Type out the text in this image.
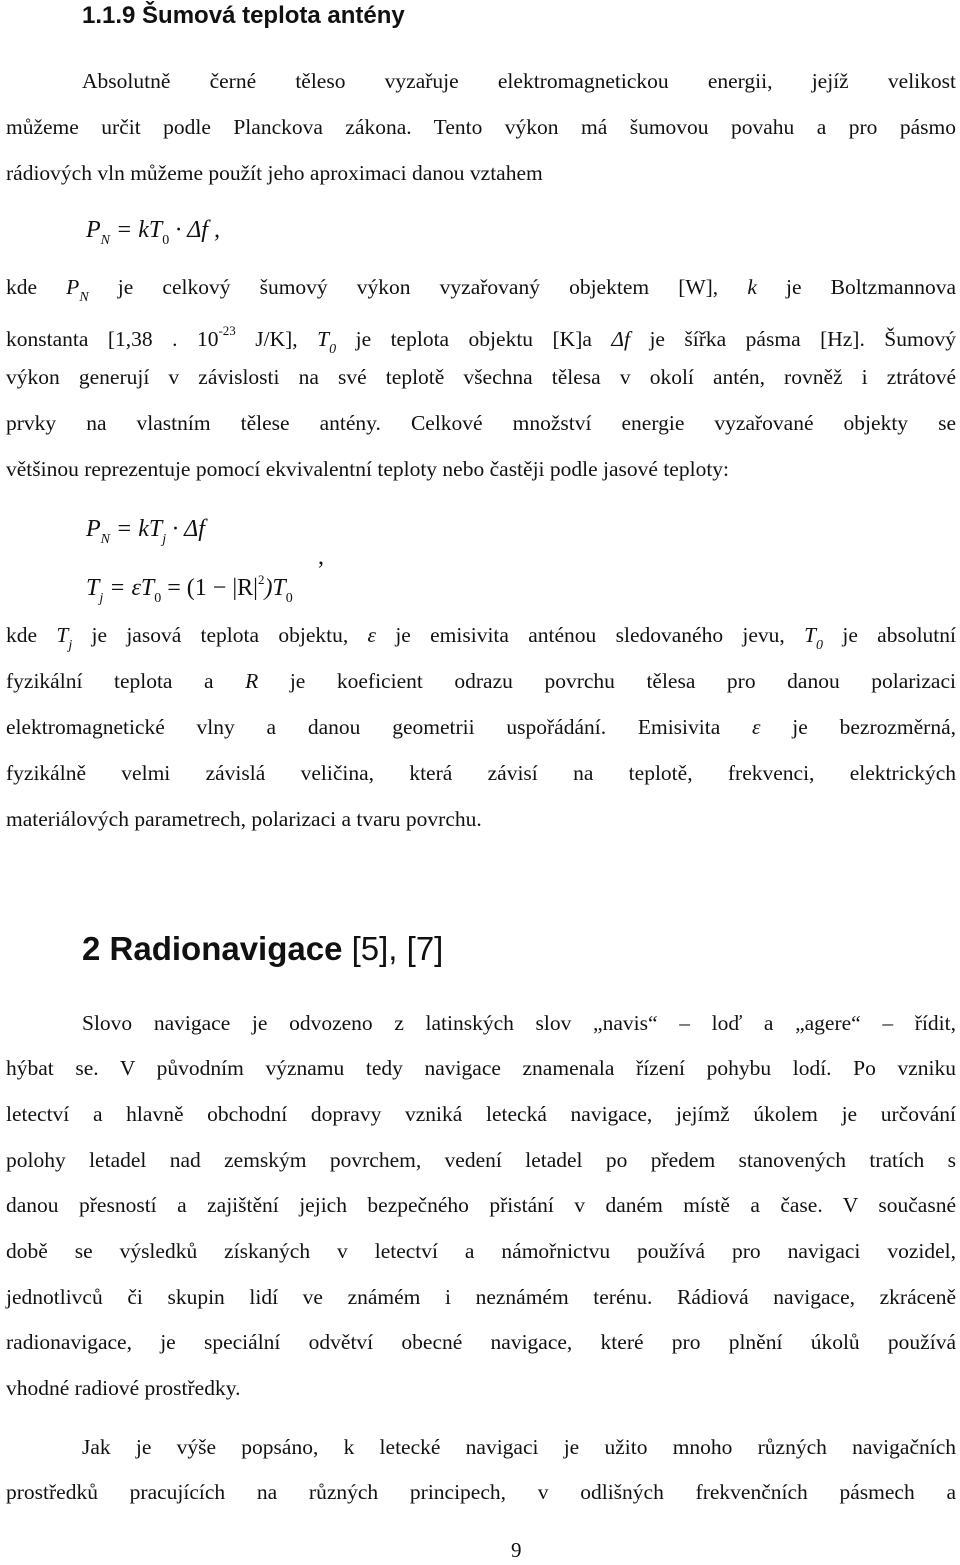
1.1.9 Šumová teplota antény
Absolutně černé těleso vyzařuje elektromagnetickou energii, jejíž velikost
můžeme určit podle Planckova zákona. Tento výkon má šumovou povahu a pro pásmo
rádiových vln můžeme použít jeho aproximaci danou vztahem
$P_N = kT_0 \cdot \Delta f$ ,
kde $P_N$ je celkový šumový výkon vyzařovaný objektem [W], k je Boltzmannova
konstanta [1,38 . $10^{-23}$ J/K], $T_0$ je teplota objektu [K]a Δf je šířka pásma [Hz]. Šumový
výkon generují v závislosti na své teplotě všechna tělesa v okolí antén, rovněž i ztrátové
prvky na vlastním tělese antény. Celkové množství energie vyzařované objekty se
většinou reprezentuje pomocí ekvivalentní teploty nebo častěji podle jasové teploty:
$P_N = kT_j \cdot \Delta f$
$T_j = \varepsilon T_0 = (1 - |R|^2)T_0$
,
kde $T_j$ je jasová teplota objektu, ε je emisivita anténou sledovaného jevu, $T_0$ je absolutní
fyzikální teplota a R je koeficient odrazu povrchu tělesa pro danou polarizaci
elektromagnetické vlny a danou geometrii uspořádání. Emisivita ε je bezrozměrná,
fyzikálně velmi závislá veličina, která závisí na teplotě, frekvenci, elektrických
materiálových parametrech, polarizaci a tvaru povrchu.
2 Radionavigace [5], [7]
Slovo navigace je odvozeno z latinských slov „navis“ – loď a „agere“ – řídit,
hýbat se. V původním významu tedy navigace znamenala řízení pohybu lodí. Po vzniku
letectví a hlavně obchodní dopravy vzniká letecká navigace, jejímž úkolem je určování
polohy letadel nad zemským povrchem, vedení letadel po předem stanovených tratích s
danou přesností a zajištění jejich bezpečného přistání v daném místě a čase. V současné
době se výsledků získaných v letectví a námořnictvu používá pro navigaci vozidel,
jednotlivců či skupin lidí ve známém i neznámém terénu. Rádiová navigace, zkráceně
radionavigace, je speciální odvětví obecné navigace, které pro plnění úkolů používá
vhodné radiové prostředky.
Jak je výše popsáno, k letecké navigaci je užito mnoho různých navigačních
prostředků pracujících na různých principech, v odlišných frekvenčních pásmech a
9
